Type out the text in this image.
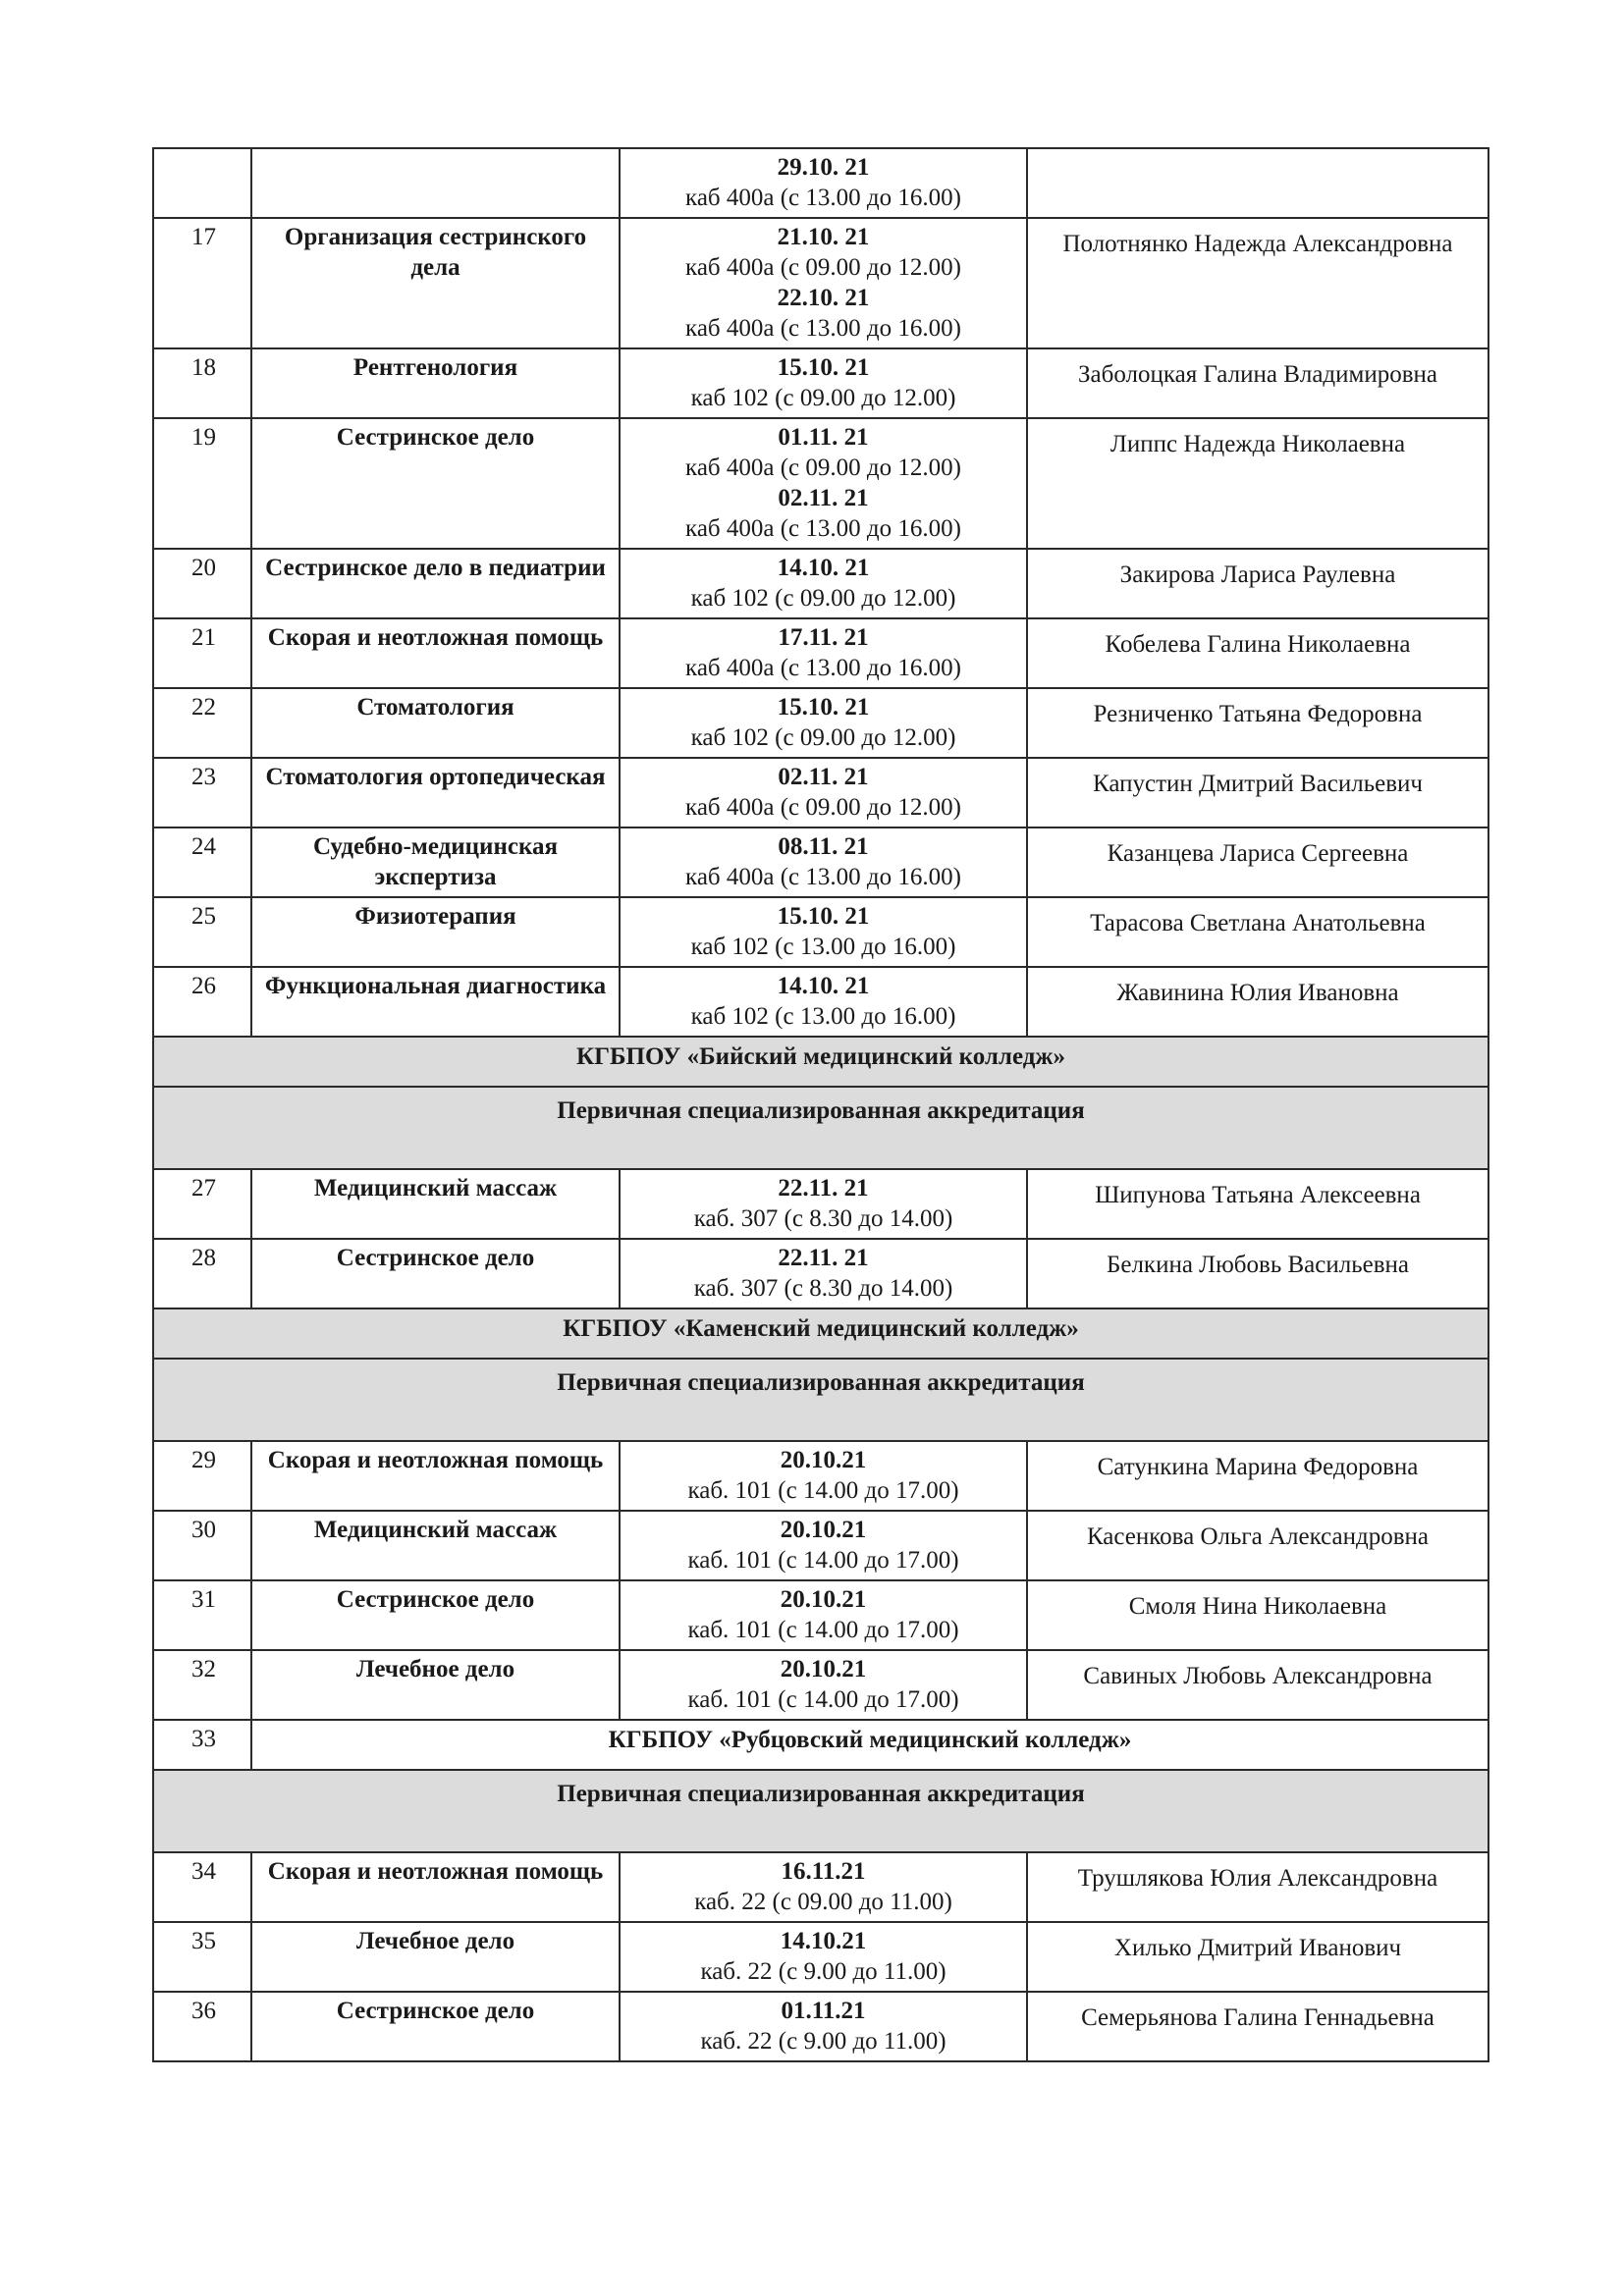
		29.10. 21
каб 400а (с 13.00 до 16.00)	

17	Организация сестринского дела	21.10. 21
каб 400а (с 09.00 до 12.00)
22.10. 21
каб 400а (с 13.00 до 16.00)	Полотнянко Надежда Александровна
18	Рентгенология	15.10. 21
каб 102 (с 09.00 до 12.00)	Заболоцкая Галина Владимировна
19	Сестринское дело	01.11. 21
каб 400а (с 09.00 до 12.00)
02.11. 21
каб 400а (с 13.00 до 16.00)	Липпс Надежда Николаевна
20	Сестринское дело в педиатрии	14.10. 21
каб 102 (с 09.00 до 12.00)	Закирова Лариса Раулевна
21	Скорая и неотложная помощь	17.11. 21
каб 400а (с 13.00 до 16.00)	Кобелева Галина Николаевна
22	Стоматология	15.10. 21
каб 102 (с 09.00 до 12.00)	Резниченко Татьяна Федоровна
23	Стоматология ортопедическая	02.11. 21
каб 400а (с 09.00 до 12.00)	Капустин Дмитрий Васильевич
24	Судебно-медицинская экспертиза	08.11. 21
каб 400а (с 13.00 до 16.00)	Казанцева Лариса Сергеевна
25	Физиотерапия	15.10. 21
каб 102 (с 13.00 до 16.00)	Тарасова Светлана Анатольевна
26	Функциональная диагностика	14.10. 21
каб 102 (с 13.00 до 16.00)	Жавинина Юлия Ивановна
КГБПОУ «Бийский медицинский колледж»			
Первичная специализированная аккредитация			
27	Медицинский массаж	22.11. 21
каб. 307 (с 8.30 до 14.00)	Шипунова Татьяна Алексеевна
28	Сестринское дело	22.11. 21
каб. 307 (с 8.30 до 14.00)	Белкина Любовь Васильевна
КГБПОУ «Каменский медицинский колледж»			
Первичная специализированная аккредитация			
29	Скорая и неотложная помощь	20.10.21
каб. 101 (с 14.00 до 17.00)	Сатункина Марина Федоровна
30	Медицинский массаж	20.10.21
каб. 101 (с 14.00 до 17.00)	Касенкова Ольга Александровна
31	Сестринское дело	20.10.21
каб. 101 (с 14.00 до 17.00)	Смоля Нина Николаевна
32	Лечебное дело	20.10.21
каб. 101 (с 14.00 до 17.00)	Савиных Любовь Александровна
33	КГБПОУ «Рубцовский медицинский колледж»		
Первичная специализированная аккредитация			
34	Скорая и неотложная помощь	16.11.21
каб. 22 (с 09.00 до 11.00)	Трушлякова Юлия Александровна
35	Лечебное дело	14.10.21
каб. 22 (с 9.00 до 11.00)	Хилько Дмитрий Иванович
36	Сестринское дело	01.11.21
каб. 22 (с 9.00 до 11.00)	Семерьянова Галина Геннадьевна
